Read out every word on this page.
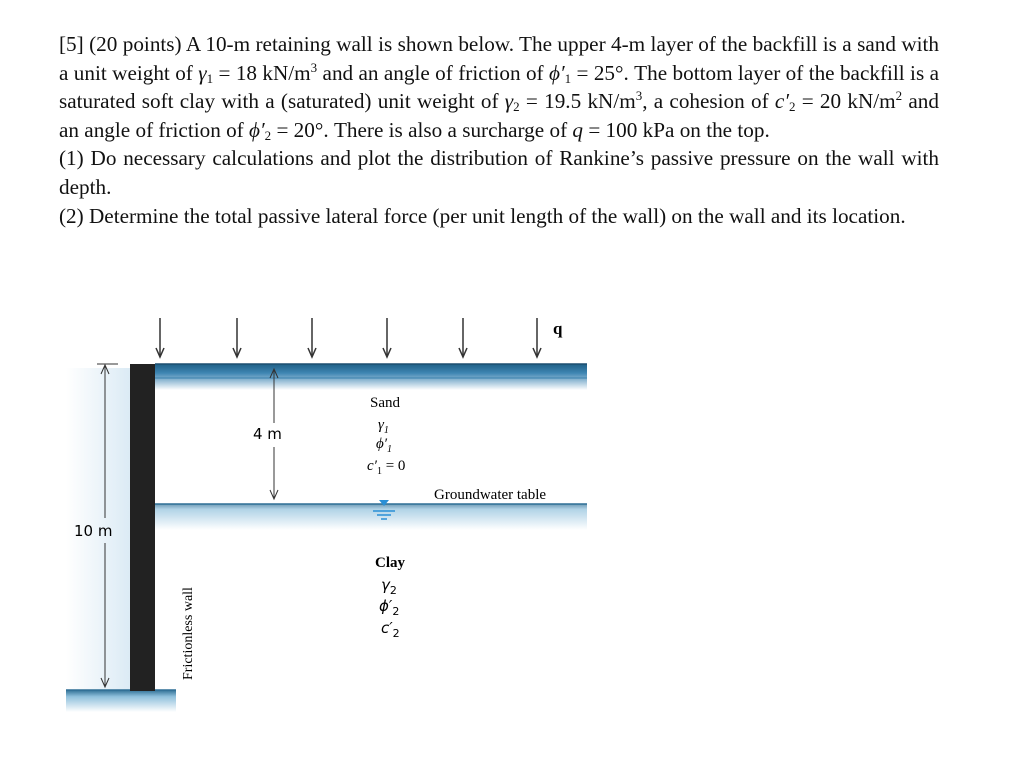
[5] (20 points) A 10-m retaining wall is shown below. The upper 4-m layer of the backfill is a sand with a unit weight of $\gamma_1 = 18$ $kN/m^3$ and an angle of friction of $\phi'_1 = 25^\circ$. The bottom layer of the backfill is a saturated soft clay with a (saturated) unit weight of $\gamma_2 = 19.5$ $kN/m^3$, a cohesion of $c'_2 = 20$ $kN/m^2$ and an angle of friction of $\phi'_2 = 20^\circ$. There is also a surcharge of q = 100 kPa on the top.

(1) Do necessary calculations and plot the distribution of Rankine’s passive pressure on the wall with depth.

(2) Determine the total passive lateral force (per unit length of the wall) on the wall and its location.

q
4 m
10 m
Sand
$\gamma_1$
$\phi'_1$
$c'_1 = 0$
Groundwater table
Clay
$\gamma_2$
$\phi'_2$
$c'_2$
Frictionless wall
